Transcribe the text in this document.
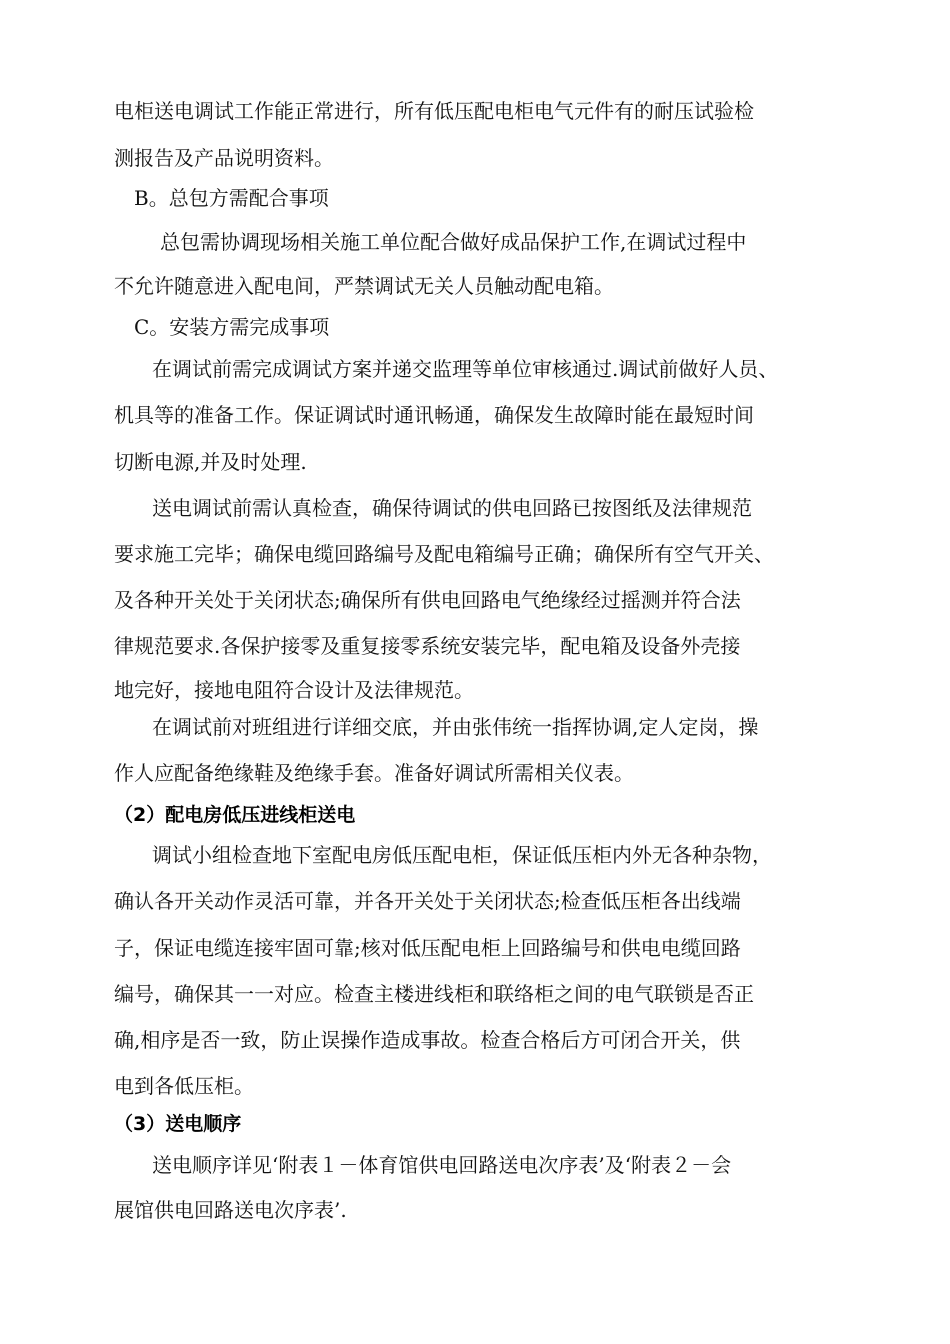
电柜送电调试工作能正常进行，所有低压配电柜电气元件有的耐压试验检

测报告及产品说明资料。

B。总包方需配合事项

总包需协调现场相关施工单位配合做好成品保护工作,在调试过程中

不允许随意进入配电间，严禁调试无关人员触动配电箱。

C。安装方需完成事项

在调试前需完成调试方案并递交监理等单位审核通过.调试前做好人员、

机具等的准备工作。保证调试时通讯畅通，确保发生故障时能在最短时间

切断电源,并及时处理.

送电调试前需认真检查，确保待调试的供电回路已按图纸及法律规范

要求施工完毕；确保电缆回路编号及配电箱编号正确；确保所有空气开关、

及各种开关处于关闭状态;确保所有供电回路电气绝缘经过摇测并符合法

律规范要求.各保护接零及重复接零系统安装完毕，配电箱及设备外壳接

地完好，接地电阻符合设计及法律规范。

在调试前对班组进行详细交底，并由张伟统一指挥协调,定人定岗，操

作人应配备绝缘鞋及绝缘手套。准备好调试所需相关仪表。

（2）配电房低压进线柜送电

调试小组检查地下室配电房低压配电柜，保证低压柜内外无各种杂物，

确认各开关动作灵活可靠，并各开关处于关闭状态;检查低压柜各出线端

子，保证电缆连接牢固可靠;核对低压配电柜上回路编号和供电电缆回路

编号，确保其一一对应。检查主楼进线柜和联络柜之间的电气联锁是否正

确,相序是否一致，防止误操作造成事故。检查合格后方可闭合开关，供

电到各低压柜。

（3）送电顺序

送电顺序详见‘附表１－体育馆供电回路送电次序表’及‘附表２－会

展馆供电回路送电次序表’.
